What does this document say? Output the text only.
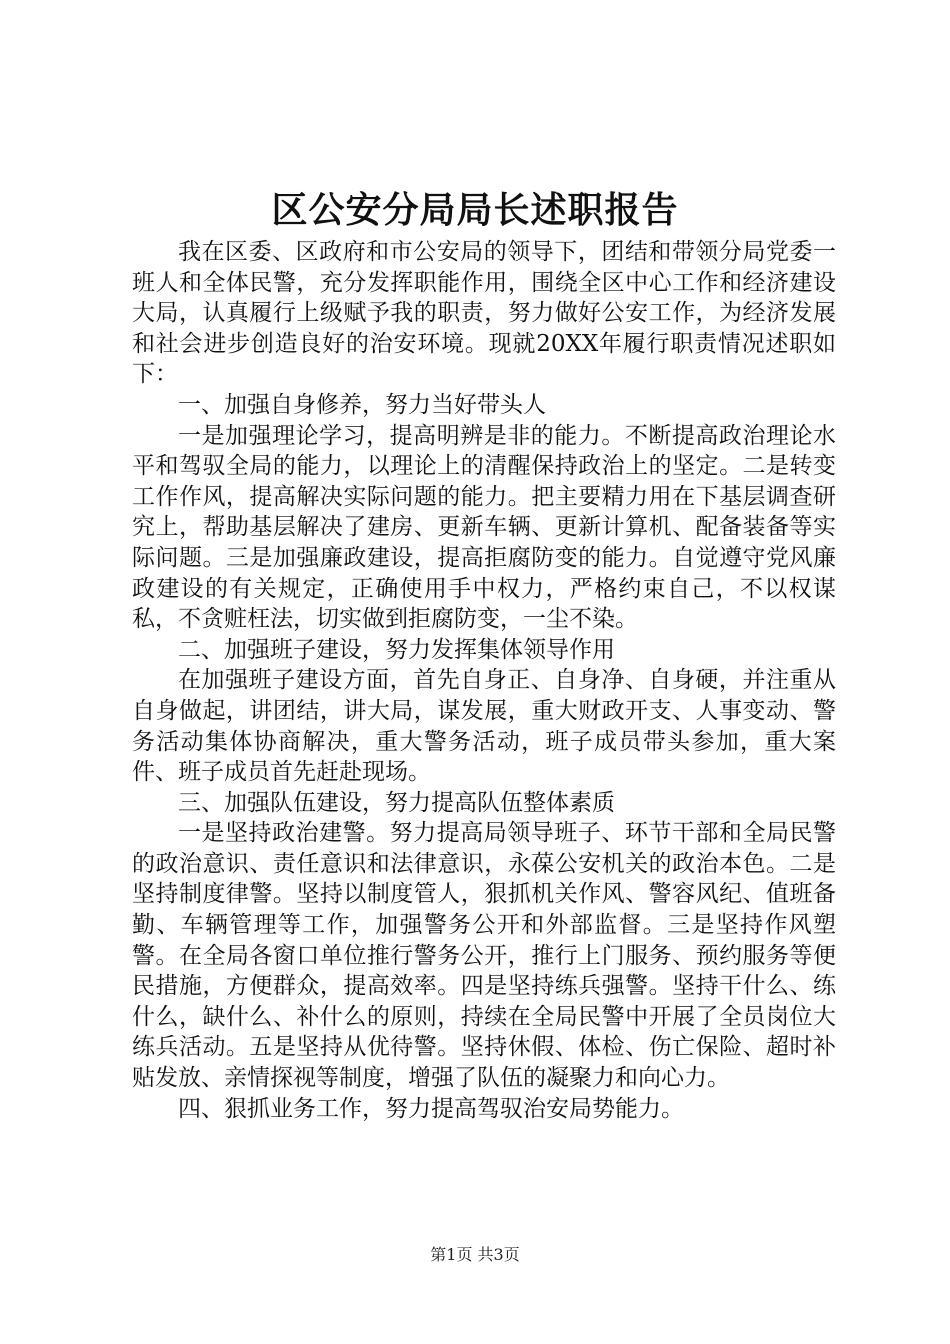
区公安分局局长述职报告

我在区委、区政府和市公安局的领导下，团结和带领分局党委一班人和全体民警，充分发挥职能作用，围绕全区中心工作和经济建设大局，认真履行上级赋予我的职责，努力做好公安工作，为经济发展和社会进步创造良好的治安环境。现就20XX年履行职责情况述职如下：

一、加强自身修养，努力当好带头人

一是加强理论学习，提高明辨是非的能力。不断提高政治理论水平和驾驭全局的能力，以理论上的清醒保持政治上的坚定。二是转变工作作风，提高解决实际问题的能力。把主要精力用在下基层调查研究上，帮助基层解决了建房、更新车辆、更新计算机、配备装备等实际问题。三是加强廉政建设，提高拒腐防变的能力。自觉遵守党风廉政建设的有关规定，正确使用手中权力，严格约束自己，不以权谋私，不贪赃枉法，切实做到拒腐防变，一尘不染。

二、加强班子建设，努力发挥集体领导作用

在加强班子建设方面，首先自身正、自身净、自身硬，并注重从自身做起，讲团结，讲大局，谋发展，重大财政开支、人事变动、警务活动集体协商解决，重大警务活动，班子成员带头参加，重大案件、班子成员首先赶赴现场。

三、加强队伍建设，努力提高队伍整体素质

一是坚持政治建警。努力提高局领导班子、环节干部和全局民警的政治意识、责任意识和法律意识，永葆公安机关的政治本色。二是坚持制度律警。坚持以制度管人，狠抓机关作风、警容风纪、值班备勤、车辆管理等工作，加强警务公开和外部监督。三是坚持作风塑警。在全局各窗口单位推行警务公开，推行上门服务、预约服务等便民措施，方便群众，提高效率。四是坚持练兵强警。坚持干什么、练什么，缺什么、补什么的原则，持续在全局民警中开展了全员岗位大练兵活动。五是坚持从优待警。坚持休假、体检、伤亡保险、超时补贴发放、亲情探视等制度，增强了队伍的凝聚力和向心力。

四、狠抓业务工作，努力提高驾驭治安局势能力。

第1页 共3页
